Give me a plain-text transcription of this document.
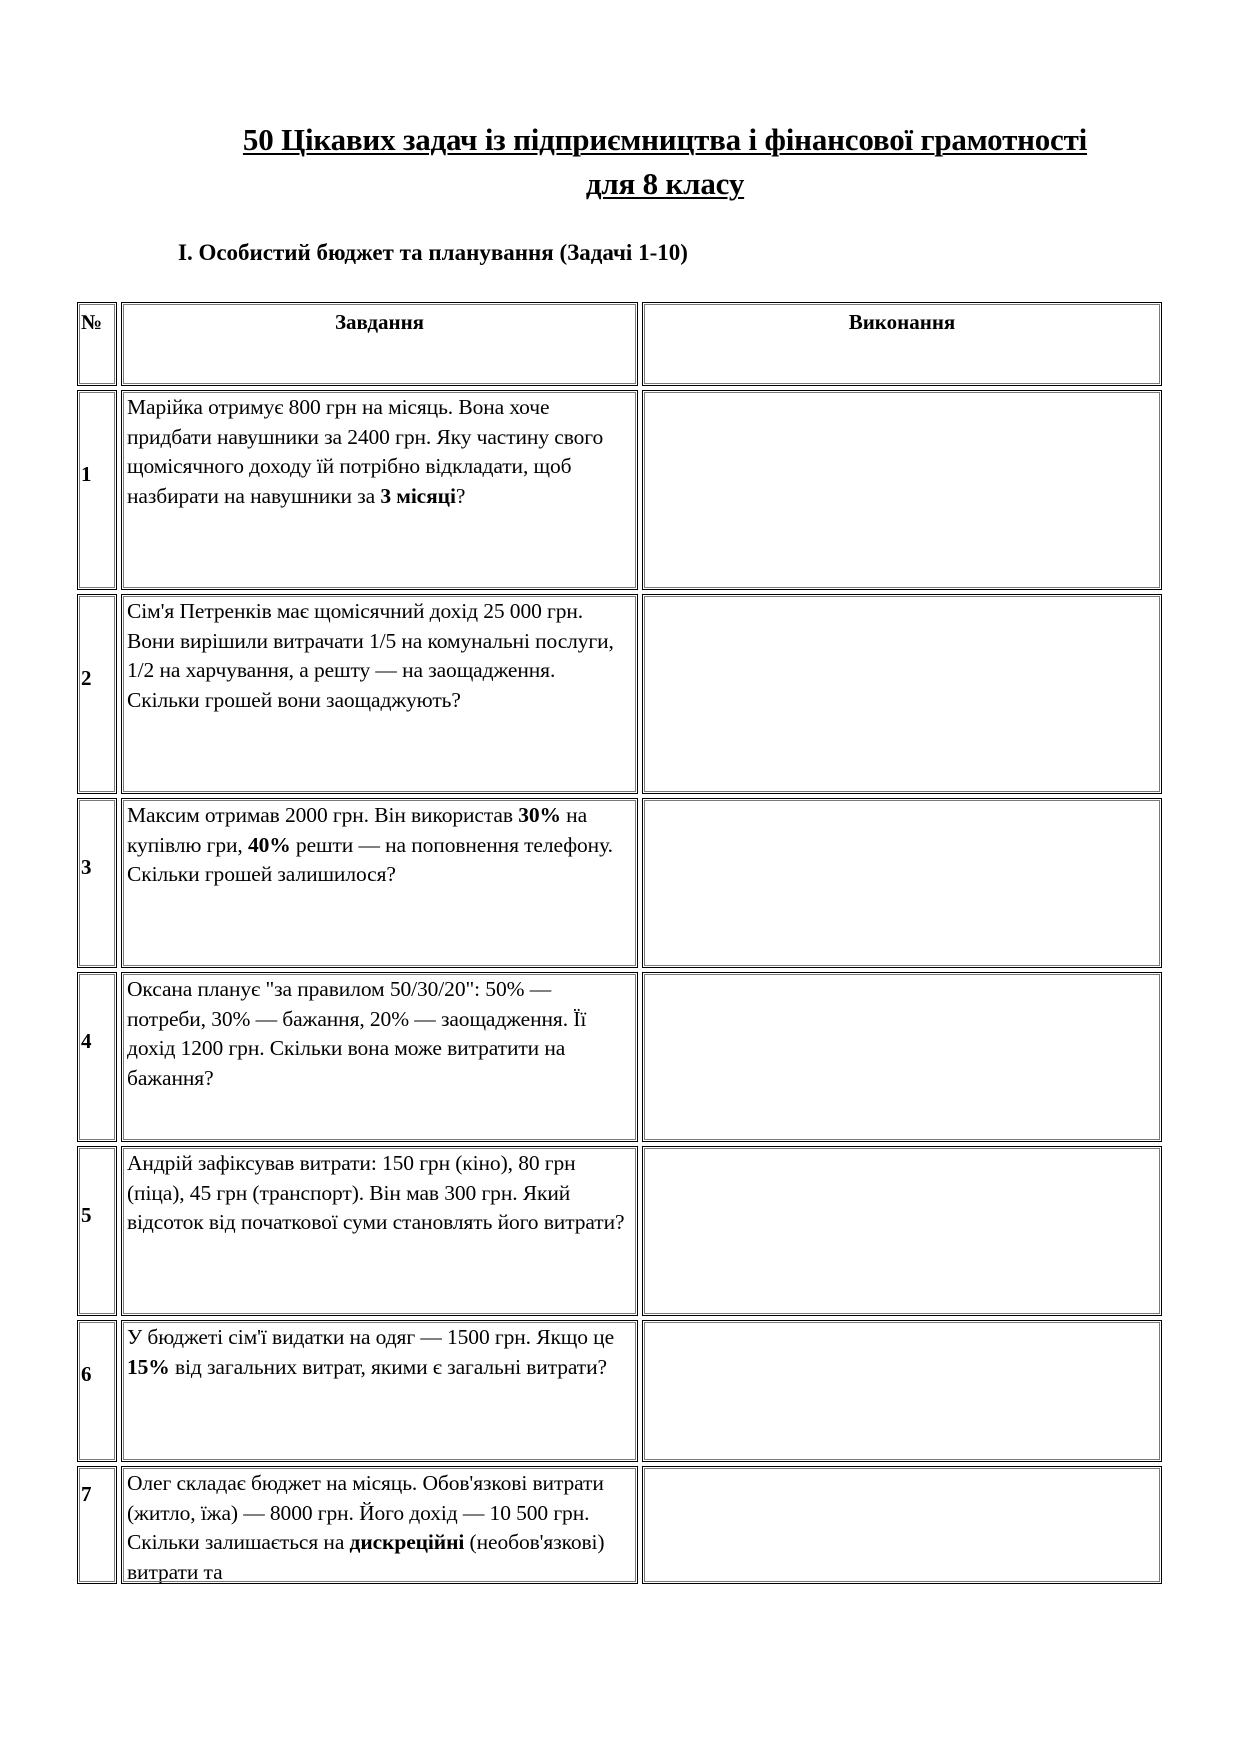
50 Цікавих задач із підприємництва і фінансової грамотності
для 8 класу
I. Особистий бюджет та планування (Задачі 1-10)
№	Завдання	Виконання
1
Марійка отримує 800 грн на місяць. Вона хоче придбати навушники за 2400 грн. Яку частину свого щомісячного доходу їй потрібно відкладати, щоб назбирати на навушники за 3 місяці?
2
Сім'я Петренків має щомісячний дохід 25 000 грн. Вони вирішили витрачати 1/5 на комунальні послуги, 1/2 на харчування, а решту — на заощадження. Скільки грошей вони заощаджують?
3
Максим отримав 2000 грн. Він використав 30% на купівлю гри, 40% решти — на поповнення телефону. Скільки грошей залишилося?
4
Оксана планує "за правилом 50/30/20": 50% — потреби, 30% — бажання, 20% — заощадження. Її дохід 1200 грн. Скільки вона може витратити на бажання?
5
Андрій зафіксував витрати: 150 грн (кіно), 80 грн (піца), 45 грн (транспорт). Він мав 300 грн. Який відсоток від початкової суми становлять його витрати?
6
У бюджеті сім'ї видатки на одяг — 1500 грн. Якщо це 15% від загальних витрат, якими є загальні витрати?
7 Олег складає бюджет на місяць. Обов'язкові витрати (житло, їжа) — 8000 грн. Його дохід — 10 500 грн. Скільки залишається на дискреційні (необов'язкові) витрати та
